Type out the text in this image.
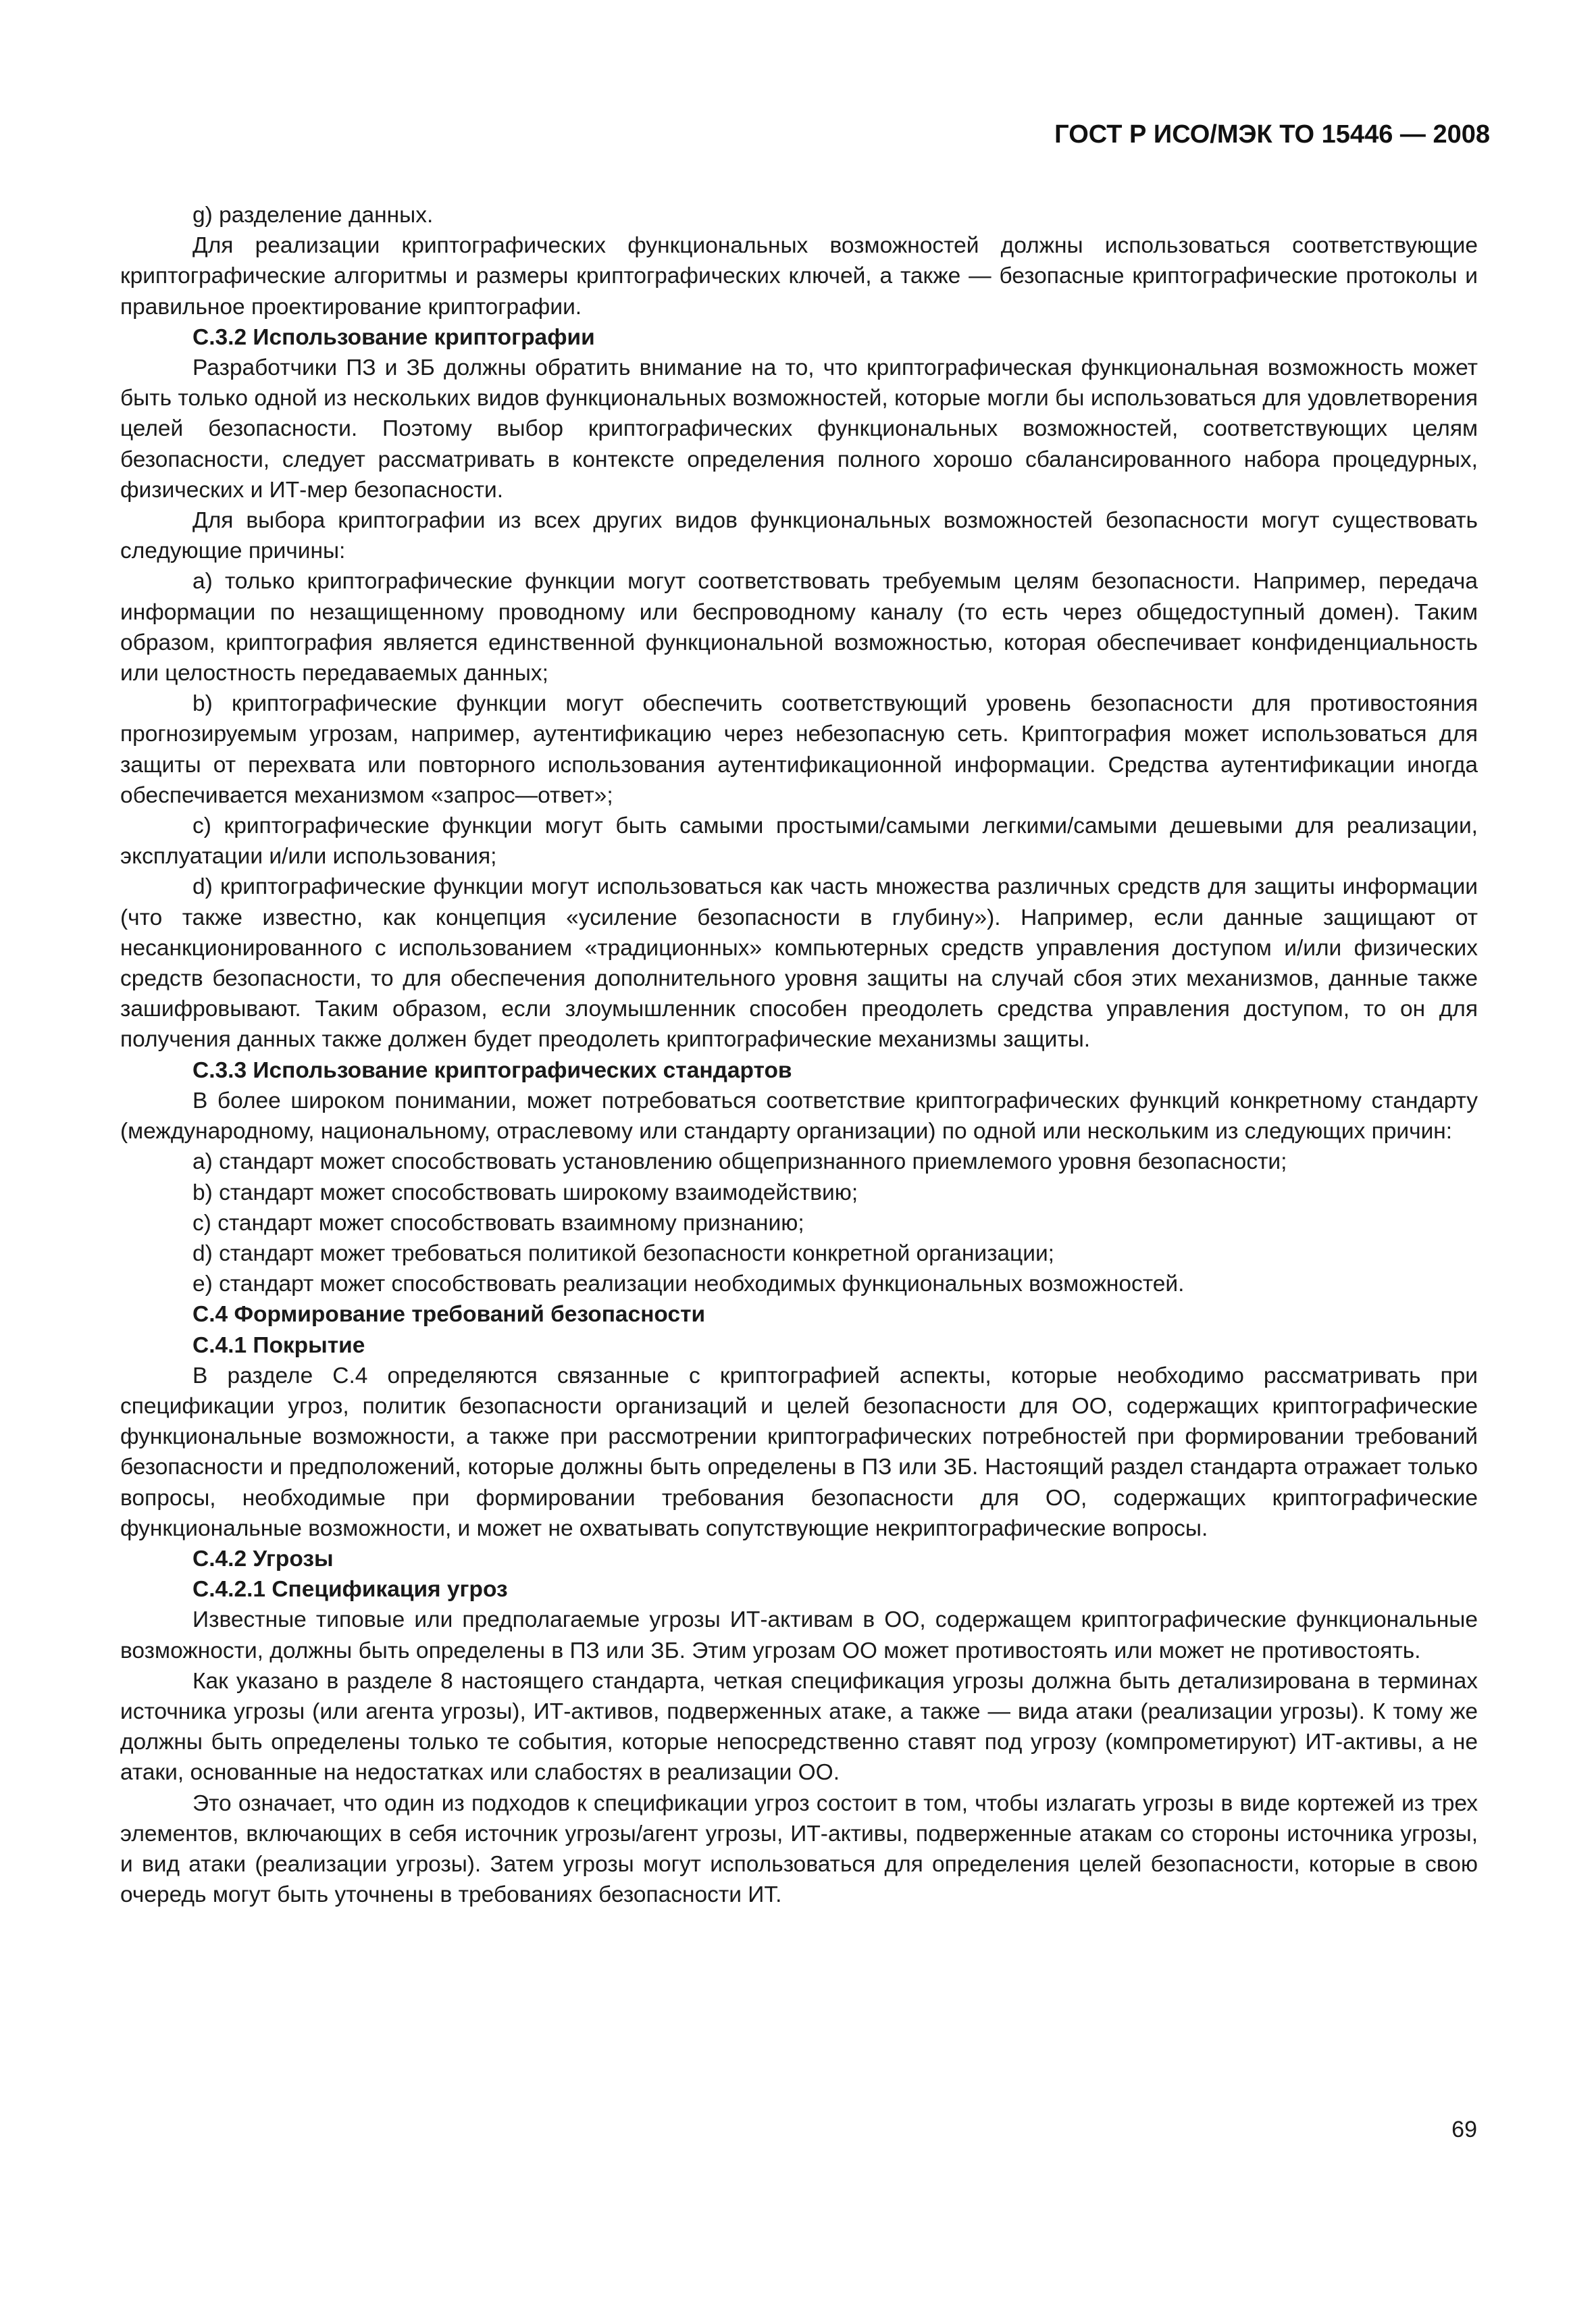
ГОСТ Р ИСО/МЭК ТО 15446 — 2008

g) разделение данных.

Для реализации криптографических функциональных возможностей должны использоваться соответствующие криптографические алгоритмы и размеры криптографических ключей, а также — безопасные криптографические протоколы и правильное проектирование криптографии.

С.3.2 Использование криптографии

Разработчики ПЗ и ЗБ должны обратить внимание на то, что криптографическая функциональная возможность может быть только одной из нескольких видов функциональных возможностей, которые могли бы использоваться для удовлетворения целей безопасности. Поэтому выбор криптографических функциональных возможностей, соответствующих целям безопасности, следует рассматривать в контексте определения полного хорошо сбалансированного набора процедурных, физических и ИТ-мер безопасности.

Для выбора криптографии из всех других видов функциональных возможностей безопасности могут существовать следующие причины:

а) только криптографические функции могут соответствовать требуемым целям безопасности. Например, передача информации по незащищенному проводному или беспроводному каналу (то есть через общедоступный домен). Таким образом, криптография является единственной функциональной возможностью, которая обеспечивает конфиденциальность или целостность передаваемых данных;

b) криптографические функции могут обеспечить соответствующий уровень безопасности для противостояния прогнозируемым угрозам, например, аутентификацию через небезопасную сеть. Криптография может использоваться для защиты от перехвата или повторного использования аутентификационной информации. Средства аутентификации иногда обеспечивается механизмом «запрос—ответ»;

c) криптографические функции могут быть самыми простыми/самыми легкими/самыми дешевыми для реализации, эксплуатации и/или использования;

d) криптографические функции могут использоваться как часть множества различных средств для защиты информации (что также известно, как концепция «усиление безопасности в глубину»). Например, если данные защищают от несанкционированного с использованием «традиционных» компьютерных средств управления доступом и/или физических средств безопасности, то для обеспечения дополнительного уровня защиты на случай сбоя этих механизмов, данные также зашифровывают. Таким образом, если злоумышленник способен преодолеть средства управления доступом, то он для получения данных также должен будет преодолеть криптографические механизмы защиты.

С.3.3 Использование криптографических стандартов

В более широком понимании, может потребоваться соответствие криптографических функций конкретному стандарту (международному, национальному, отраслевому или стандарту организации) по одной или нескольким из следующих причин:

a) стандарт может способствовать установлению общепризнанного приемлемого уровня безопасности;

b) стандарт может способствовать широкому взаимодействию;

c) стандарт может способствовать взаимному признанию;

d) стандарт может требоваться политикой безопасности конкретной организации;

e) стандарт может способствовать реализации необходимых функциональных возможностей.

С.4 Формирование требований безопасности

С.4.1 Покрытие

В разделе С.4 определяются связанные с криптографией аспекты, которые необходимо рассматривать при спецификации угроз, политик безопасности организаций и целей безопасности для ОО, содержащих криптографические функциональные возможности, а также при рассмотрении криптографических потребностей при формировании требований безопасности и предположений, которые должны быть определены в ПЗ или ЗБ. Настоящий раздел стандарта отражает только вопросы, необходимые при формировании требования безопасности для ОО, содержащих криптографические функциональные возможности, и может не охватывать сопутствующие некриптографические вопросы.

С.4.2 Угрозы

С.4.2.1 Спецификация угроз

Известные типовые или предполагаемые угрозы ИТ-активам в ОО, содержащем криптографические функциональные возможности, должны быть определены в ПЗ или ЗБ. Этим угрозам ОО может противостоять или может не противостоять.

Как указано в разделе 8 настоящего стандарта, четкая спецификация угрозы должна быть детализирована в терминах источника угрозы (или агента угрозы), ИТ-активов, подверженных атаке, а также — вида атаки (реализации угрозы). К тому же должны быть определены только те события, которые непосредственно ставят под угрозу (компрометируют) ИТ-активы, а не атаки, основанные на недостатках или слабостях в реализации ОО.

Это означает, что один из подходов к спецификации угроз состоит в том, чтобы излагать угрозы в виде кортежей из трех элементов, включающих в себя источник угрозы/агент угрозы, ИТ-активы, подверженные атакам со стороны источника угрозы, и вид атаки (реализации угрозы). Затем угрозы могут использоваться для определения целей безопасности, которые в свою очередь могут быть уточнены в требованиях безопасности ИТ.

69
